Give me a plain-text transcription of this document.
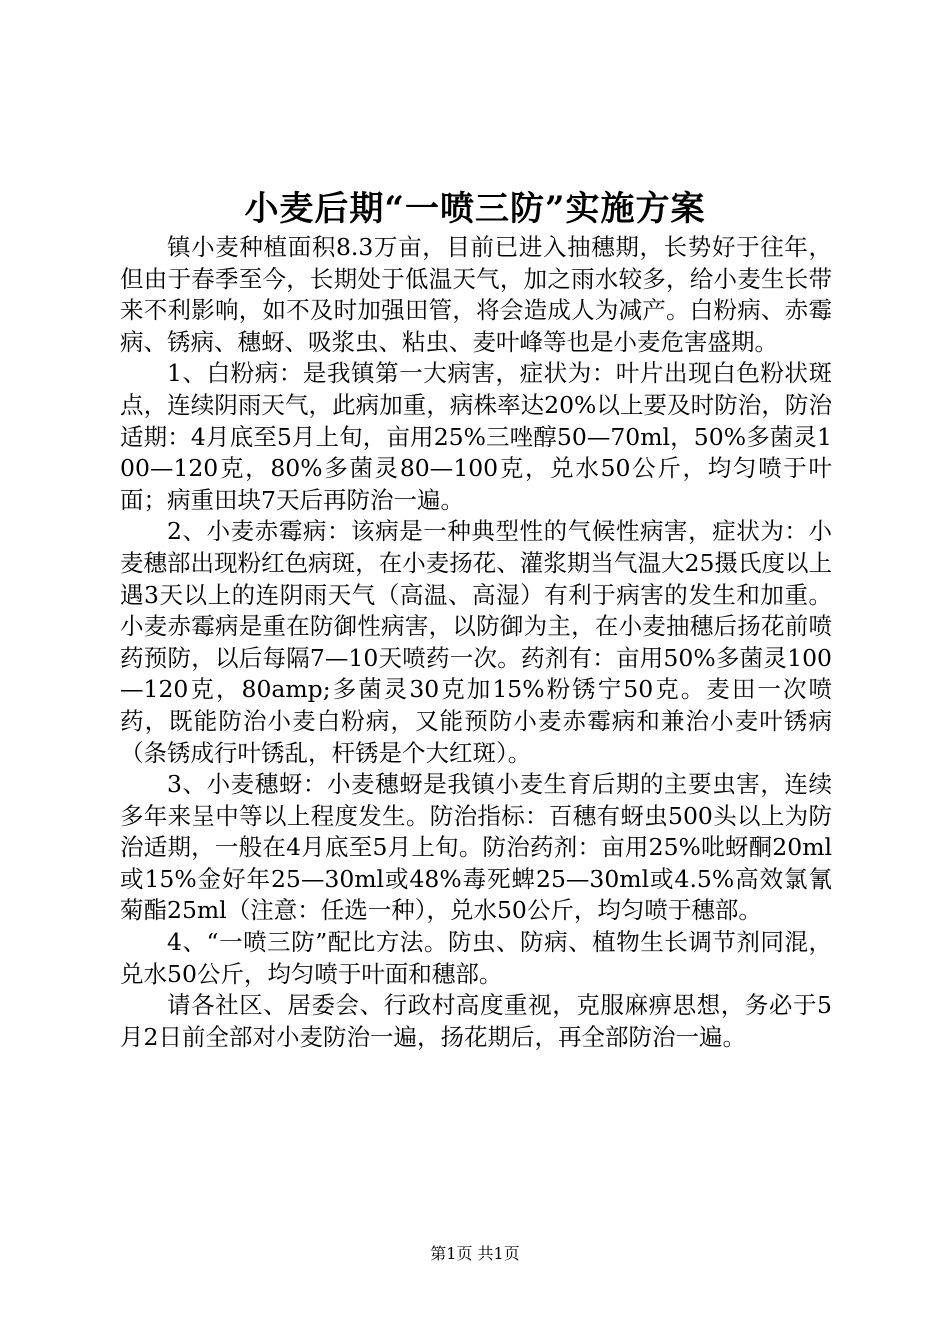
小麦后期“一喷三防”实施方案

镇小麦种植面积8.3万亩，目前已进入抽穗期，长势好于往年，但由于春季至今，长期处于低温天气，加之雨水较多，给小麦生长带来不利影响，如不及时加强田管，将会造成人为减产。白粉病、赤霉病、锈病、穗蚜、吸浆虫、粘虫、麦叶峰等也是小麦危害盛期。

1、白粉病：是我镇第一大病害，症状为：叶片出现白色粉状斑点，连续阴雨天气，此病加重，病株率达20%以上要及时防治，防治适期：4月底至5月上旬，亩用25%三唑醇50—70ml，50%多菌灵100—120克，80%多菌灵80—100克，兑水50公斤，均匀喷于叶面；病重田块7天后再防治一遍。

2、小麦赤霉病：该病是一种典型性的气候性病害，症状为：小麦穗部出现粉红色病斑，在小麦扬花、灌浆期当气温大25摄氏度以上遇3天以上的连阴雨天气（高温、高湿）有利于病害的发生和加重。小麦赤霉病是重在防御性病害，以防御为主，在小麦抽穗后扬花前喷药预防，以后每隔7—10天喷药一次。药剂有：亩用50%多菌灵100—120克，80amp;多菌灵30克加15%粉锈宁50克。麦田一次喷药，既能防治小麦白粉病，又能预防小麦赤霉病和兼治小麦叶锈病（条锈成行叶锈乱，杆锈是个大红斑）。

3、小麦穗蚜：小麦穗蚜是我镇小麦生育后期的主要虫害，连续多年来呈中等以上程度发生。防治指标：百穗有蚜虫500头以上为防治适期，一般在4月底至5月上旬。防治药剂：亩用25%吡蚜酮20ml或15%金好年25—30ml或48%毒死蜱25—30ml或4.5%高效氯氰菊酯25ml（注意：任选一种），兑水50公斤，均匀喷于穗部。

4、“一喷三防”配比方法。防虫、防病、植物生长调节剂同混，兑水50公斤，均匀喷于叶面和穗部。

请各社区、居委会、行政村高度重视，克服麻痹思想，务必于5月2日前全部对小麦防治一遍，扬花期后，再全部防治一遍。

第1页 共1页
